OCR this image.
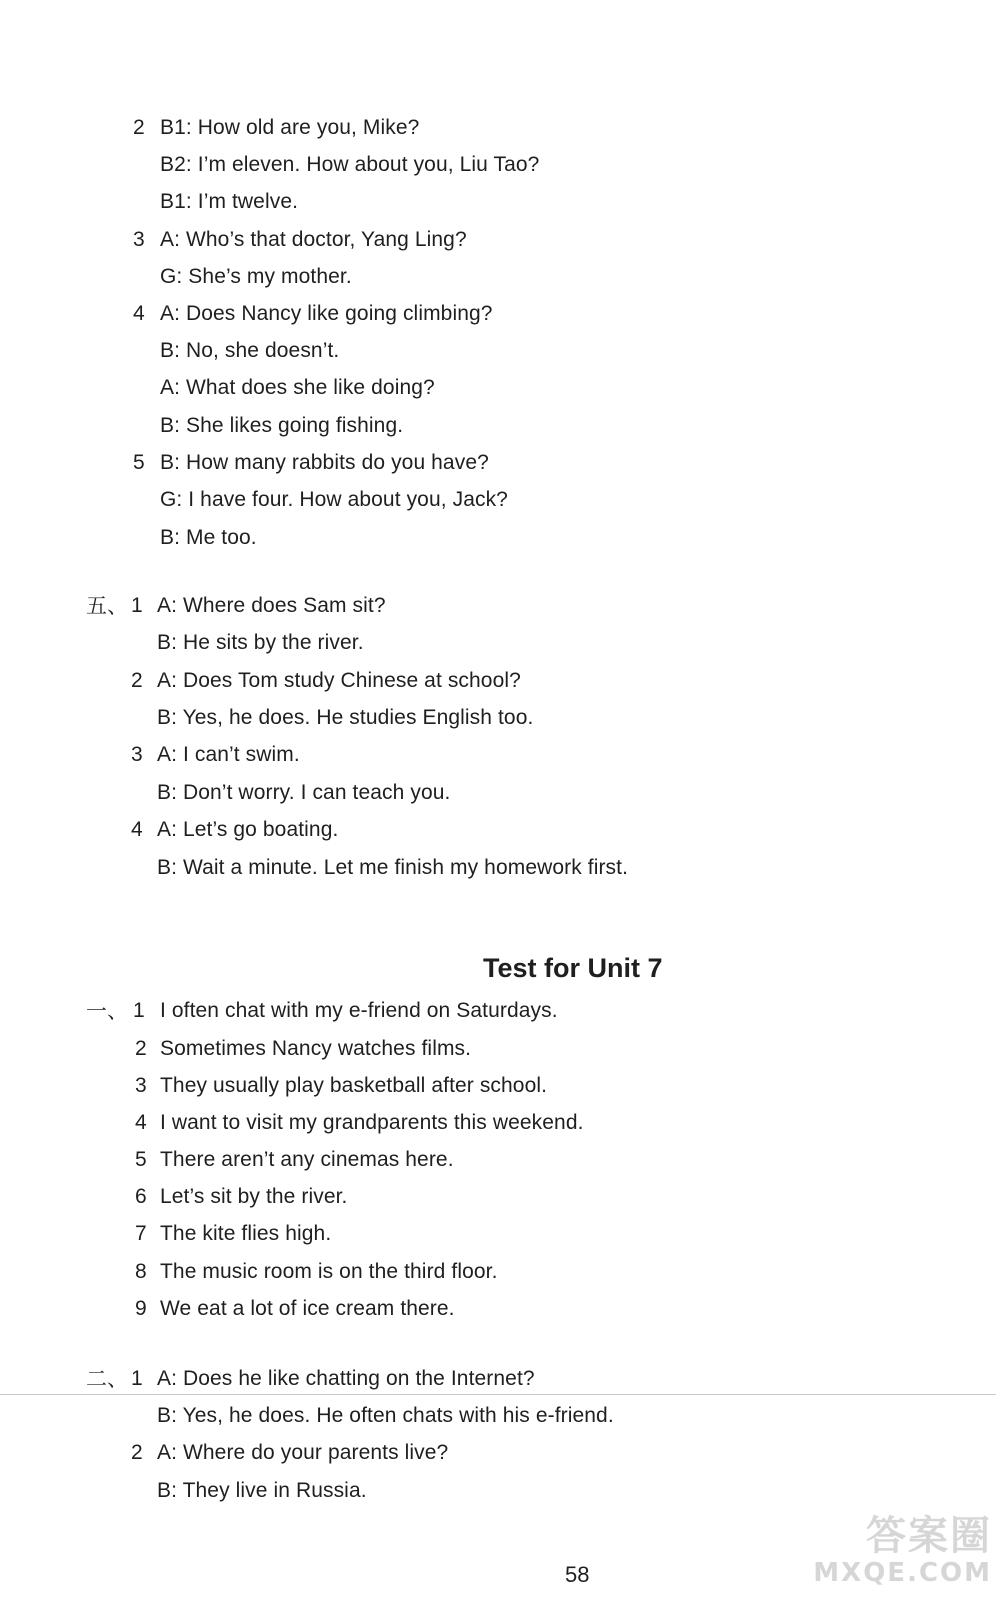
2 B1: How old are you, Mike?
B2: I’m eleven. How about you, Liu Tao?
B1: I’m twelve.
3 A: Who’s that doctor, Yang Ling?
G: She’s my mother.
4 A: Does Nancy like going climbing?
B: No, she doesn’t.
A: What does she like doing?
B: She likes going fishing.
5 B: How many rabbits do you have?
G: I have four. How about you, Jack?
B: Me too.
五、 1 A: Where does Sam sit?
B: He sits by the river.
2 A: Does Tom study Chinese at school?
B: Yes, he does. He studies English too.
3 A: I can’t swim.
B: Don’t worry. I can teach you.
4 A: Let’s go boating.
B: Wait a minute. Let me finish my homework first.
Test for Unit 7
一、 1 I often chat with my e-friend on Saturdays.
2 Sometimes Nancy watches films.
3 They usually play basketball after school.
4 I want to visit my grandparents this weekend.
5 There aren’t any cinemas here.
6 Let’s sit by the river.
7 The kite flies high.
8 The music room is on the third floor.
9 We eat a lot of ice cream there.
二、 1 A: Does he like chatting on the Internet?
B: Yes, he does. He often chats with his e-friend.
2 A: Where do your parents live?
B: They live in Russia.
58
答案圈
MXQE.COM
